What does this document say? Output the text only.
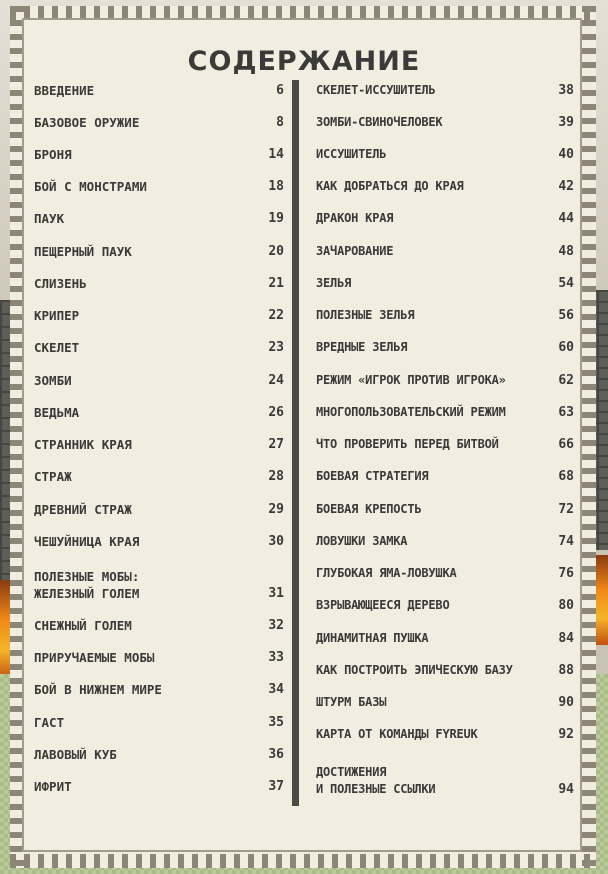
СОДЕРЖАНИЕ
ВВЕДЕНИЕ	6
БАЗОВОЕ ОРУЖИЕ	8
БРОНЯ	14
БОЙ С МОНСТРАМИ	18
ПАУК	19
ПЕЩЕРНЫЙ ПАУК	20
СЛИЗЕНЬ	21
КРИПЕР	22
СКЕЛЕТ	23
ЗОМБИ	24
ВЕДЬМА	26
СТРАННИК КРАЯ	27
СТРАЖ	28
ДРЕВНИЙ СТРАЖ	29
ЧЕШУЙНИЦА КРАЯ	30
ПОЛЕЗНЫЕ МОБЫ:
ЖЕЛЕЗНЫЙ ГОЛЕМ	31
СНЕЖНЫЙ ГОЛЕМ	32
ПРИРУЧАЕМЫЕ МОБЫ	33
БОЙ В НИЖНЕМ МИРЕ	34
ГАСТ	35
ЛАВОВЫЙ КУБ	36
ИФРИТ	37
СКЕЛЕТ-ИССУШИТЕЛЬ	38
ЗОМБИ-СВИНОЧЕЛОВЕК	39
ИССУШИТЕЛЬ	40
КАК ДОБРАТЬСЯ ДО КРАЯ	42
ДРАКОН КРАЯ	44
ЗАЧАРОВАНИЕ	48
ЗЕЛЬЯ	54
ПОЛЕЗНЫЕ ЗЕЛЬЯ	56
ВРЕДНЫЕ ЗЕЛЬЯ	60
РЕЖИМ «ИГРОК ПРОТИВ ИГРОКА»	62
МНОГОПОЛЬЗОВАТЕЛЬСКИЙ РЕЖИМ	63
ЧТО ПРОВЕРИТЬ ПЕРЕД БИТВОЙ	66
БОЕВАЯ СТРАТЕГИЯ	68
БОЕВАЯ КРЕПОСТЬ	72
ЛОВУШКИ ЗАМКА	74
ГЛУБОКАЯ ЯМА-ЛОВУШКА	76
ВЗРЫВАЮЩЕЕСЯ ДЕРЕВО	80
ДИНАМИТНАЯ ПУШКА	84
КАК ПОСТРОИТЬ ЭПИЧЕСКУЮ БАЗУ	88
ШТУРМ БАЗЫ	90
КАРТА ОТ КОМАНДЫ FYREUK	92
ДОСТИЖЕНИЯ
И ПОЛЕЗНЫЕ ССЫЛКИ	94
